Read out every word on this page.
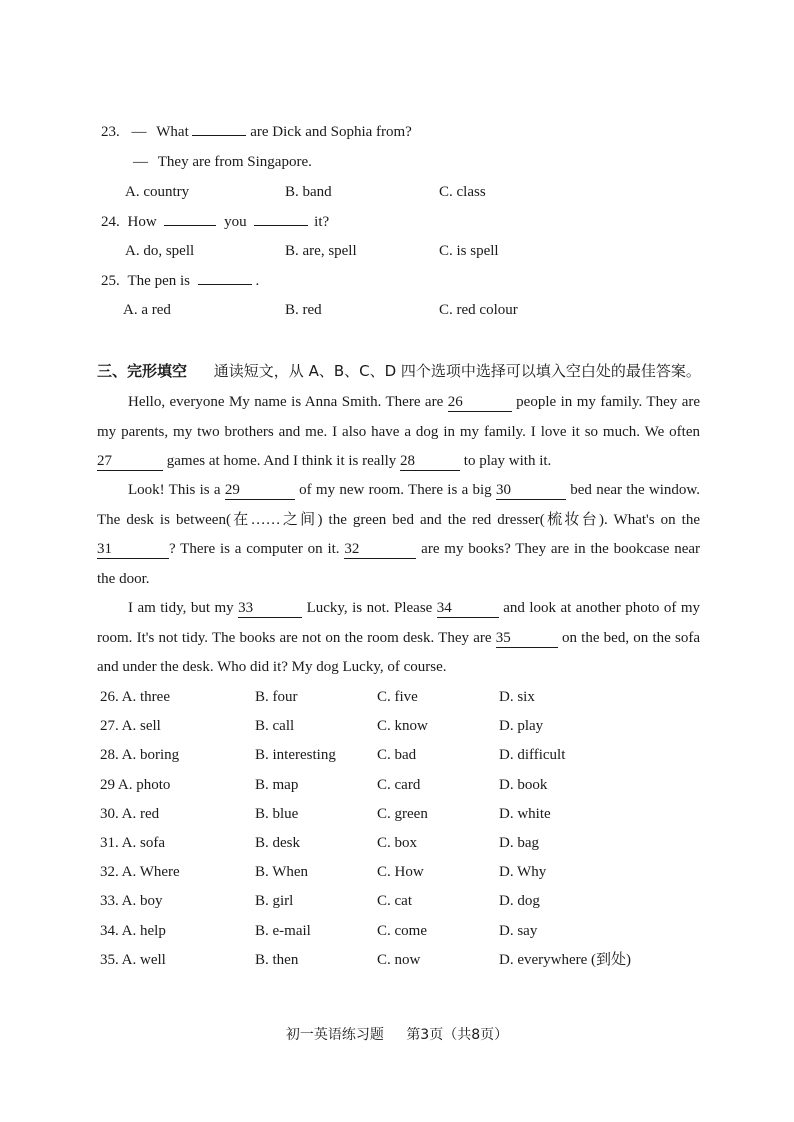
23. — What	are Dick and Sophia from?
— They are from Singapore.
A. country	B. band	C. class
24. How	you	it?
A. do, spell	B. are, spell	C. is spell
25. The pen is	.
A. a red	B. red	C. red colour
三、完形填空 通读短文，从 A、B、C、D 四个选项中选择可以填入空白处的最佳答案。
Hello, everyone My name is Anna Smith. There are 26	people in my family. They are my parents, my two brothers and me. I also have a dog in my family. I love it so much. We often 27	games at home. And I think it is really 28	to play with it.
Look! This is a 29	of my new room. There is a big 30	bed near the window. The desk is between(在……之间) the green bed and the red dresser(梳妆台). What's on the 31	? There is a computer on it. 32	are my books? They are in the bookcase near the door.
I am tidy, but my 33	Lucky, is not. Please 34	and look at another photo of my room. It's not tidy. The books are not on the room desk. They are 35	on the bed, on the sofa and under the desk. Who did it? My dog Lucky, of course.
26. A. three	B. four	C. five	D. six
27. A. sell	B. call	C. know	D. play
28. A. boring	B. interesting	C. bad	D. difficult
29 A. photo	B. map	C. card	D. book
30. A. red	B. blue	C. green	D. white
31. A. sofa	B. desk	C. box	D. bag
32. A. Where	B. When	C. How	D. Why
33. A. boy	B. girl	C. cat	D. dog
34. A. help	B. e-mail	C. come	D. say
35. A. well	B. then	C. now	D. everywhere (到处)
初一英语练习题 第3页（共8页）
